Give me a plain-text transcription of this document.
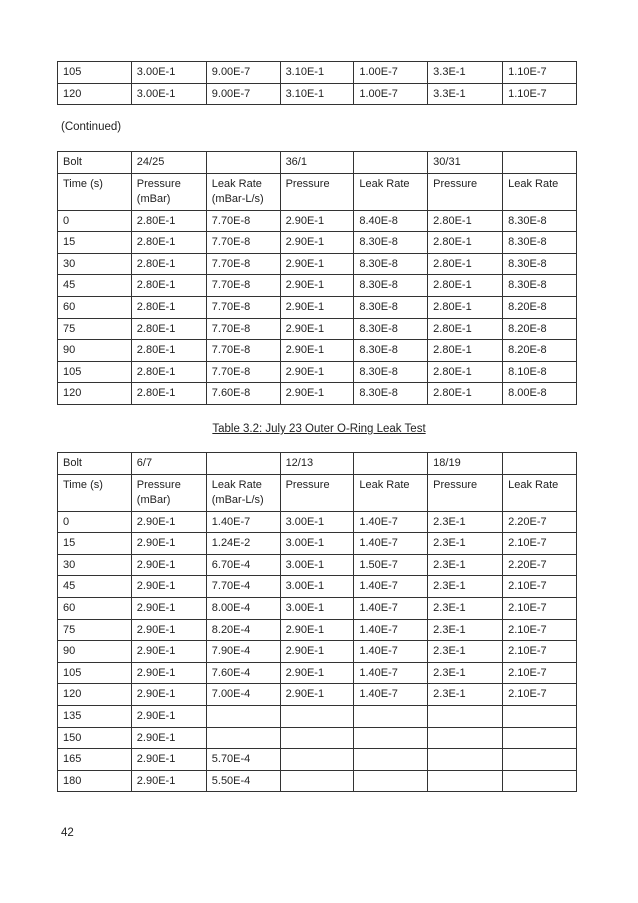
105	3.00E-1	9.00E-7	3.10E-1	1.00E-7	3.3E-1	1.10E-7
120	3.00E-1	9.00E-7	3.10E-1	1.00E-7	3.3E-1	1.10E-7
(Continued)
Bolt	24/25		36/1		30/31	
Time (s)	Pressure (mBar)	Leak Rate (mBar-L/s)	Pressure	Leak Rate	Pressure	Leak Rate
0	2.80E-1	7.70E-8	2.90E-1	8.40E-8	2.80E-1	8.30E-8
15	2.80E-1	7.70E-8	2.90E-1	8.30E-8	2.80E-1	8.30E-8
30	2.80E-1	7.70E-8	2.90E-1	8.30E-8	2.80E-1	8.30E-8
45	2.80E-1	7.70E-8	2.90E-1	8.30E-8	2.80E-1	8.30E-8
60	2.80E-1	7.70E-8	2.90E-1	8.30E-8	2.80E-1	8.20E-8
75	2.80E-1	7.70E-8	2.90E-1	8.30E-8	2.80E-1	8.20E-8
90	2.80E-1	7.70E-8	2.90E-1	8.30E-8	2.80E-1	8.20E-8
105	2.80E-1	7.70E-8	2.90E-1	8.30E-8	2.80E-1	8.10E-8
120	2.80E-1	7.60E-8	2.90E-1	8.30E-8	2.80E-1	8.00E-8
Table 3.2: July 23 Outer O-Ring Leak Test
Bolt	6/7		12/13		18/19	
Time (s)	Pressure (mBar)	Leak Rate (mBar-L/s)	Pressure	Leak Rate	Pressure	Leak Rate
0	2.90E-1	1.40E-7	3.00E-1	1.40E-7	2.3E-1	2.20E-7
15	2.90E-1	1.24E-2	3.00E-1	1.40E-7	2.3E-1	2.10E-7
30	2.90E-1	6.70E-4	3.00E-1	1.50E-7	2.3E-1	2.20E-7
45	2.90E-1	7.70E-4	3.00E-1	1.40E-7	2.3E-1	2.10E-7
60	2.90E-1	8.00E-4	3.00E-1	1.40E-7	2.3E-1	2.10E-7
75	2.90E-1	8.20E-4	2.90E-1	1.40E-7	2.3E-1	2.10E-7
90	2.90E-1	7.90E-4	2.90E-1	1.40E-7	2.3E-1	2.10E-7
105	2.90E-1	7.60E-4	2.90E-1	1.40E-7	2.3E-1	2.10E-7
120	2.90E-1	7.00E-4	2.90E-1	1.40E-7	2.3E-1	2.10E-7
135	2.90E-1					
150	2.90E-1					
165	2.90E-1	5.70E-4				
180	2.90E-1	5.50E-4				
42
